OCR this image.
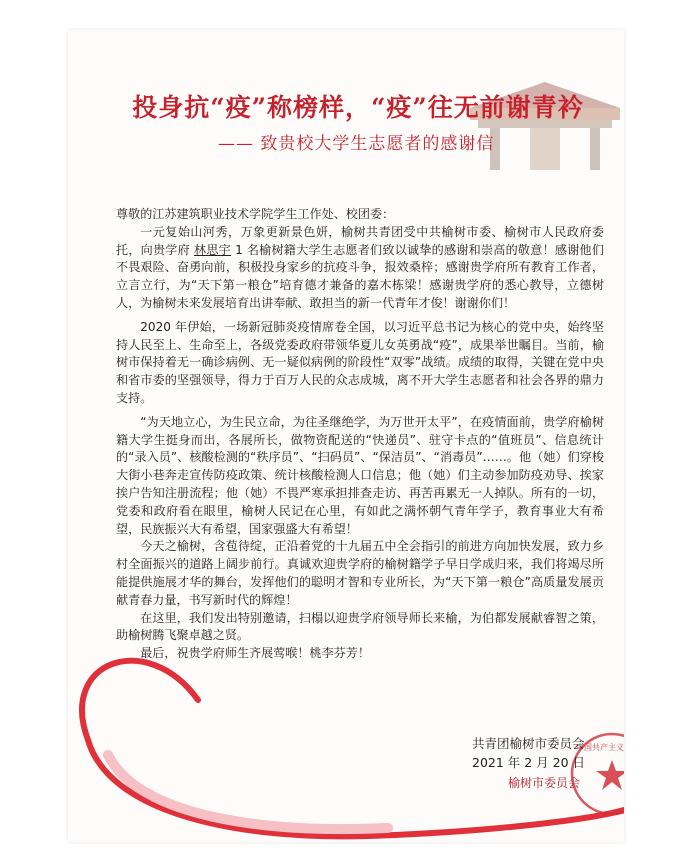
投身抗“疫”称榜样，“疫”往无前谢青衿
—— 致贵校大学生志愿者的感谢信

尊敬的江苏建筑职业技术学院学生工作处、校团委：

一元复始山河秀，万象更新景色妍，榆树共青团受中共榆树市委、榆树市人民政府委托，向贵学府 林思宇 1 名榆树籍大学生志愿者们致以诚挚的感谢和崇高的敬意！感谢他们不畏艰险、奋勇向前，积极投身家乡的抗疫斗争，报效桑梓；感谢贵学府所有教育工作者，立言立行，为“天下第一粮仓”培育德才兼备的嘉木栋梁！感谢贵学府的悉心教导，立德树人，为榆树未来发展培育出讲奉献、敢担当的新一代青年才俊！谢谢你们！

2020 年伊始，一场新冠肺炎疫情席卷全国，以习近平总书记为核心的党中央，始终坚持人民至上、生命至上，各级党委政府带领华夏儿女英勇战“疫”，成果举世瞩目。当前，榆树市保持着无一确诊病例、无一疑似病例的阶段性“双零”战绩。成绩的取得，关键在党中央和省市委的坚强领导，得力于百万人民的众志成城，离不开大学生志愿者和社会各界的鼎力支持。

“为天地立心，为生民立命，为往圣继绝学，为万世开太平”，在疫情面前，贵学府榆树籍大学生挺身而出，各展所长，做物资配送的“快递员”、驻守卡点的“值班员”、信息统计的“录入员”、核酸检测的“秩序员”、“扫码员”、“保洁员”、“消毒员”……。他（她）们穿梭大街小巷奔走宣传防疫政策、统计核酸检测人口信息；他（她）们主动参加防疫劝导、挨家挨户告知注册流程；他（她）不畏严寒承担排查走访、再苦再累无一人掉队。所有的一切，党委和政府看在眼里，榆树人民记在心里，有如此之满怀朝气青年学子，教育事业大有希望，民族振兴大有希望，国家强盛大有希望！

今天之榆树，含苞待绽，正沿着党的十九届五中全会指引的前进方向加快发展，致力乡村全面振兴的道路上阔步前行。真诚欢迎贵学府的榆树籍学子早日学成归来，我们将竭尽所能提供施展才华的舞台，发挥他们的聪明才智和专业所长，为“天下第一粮仓”高质量发展贡献青春力量，书写新时代的辉煌！

在这里，我们发出特别邀请，扫榻以迎贵学府领导师长来榆，为伯都发展献睿智之策，助榆树腾飞聚卓越之贤。

最后，祝贵学府师生齐展莺喉！桃李芬芳！

中国共产主义青年团
共青团榆树市委员会
2021 年 2 月 20 日
榆树市委员会
